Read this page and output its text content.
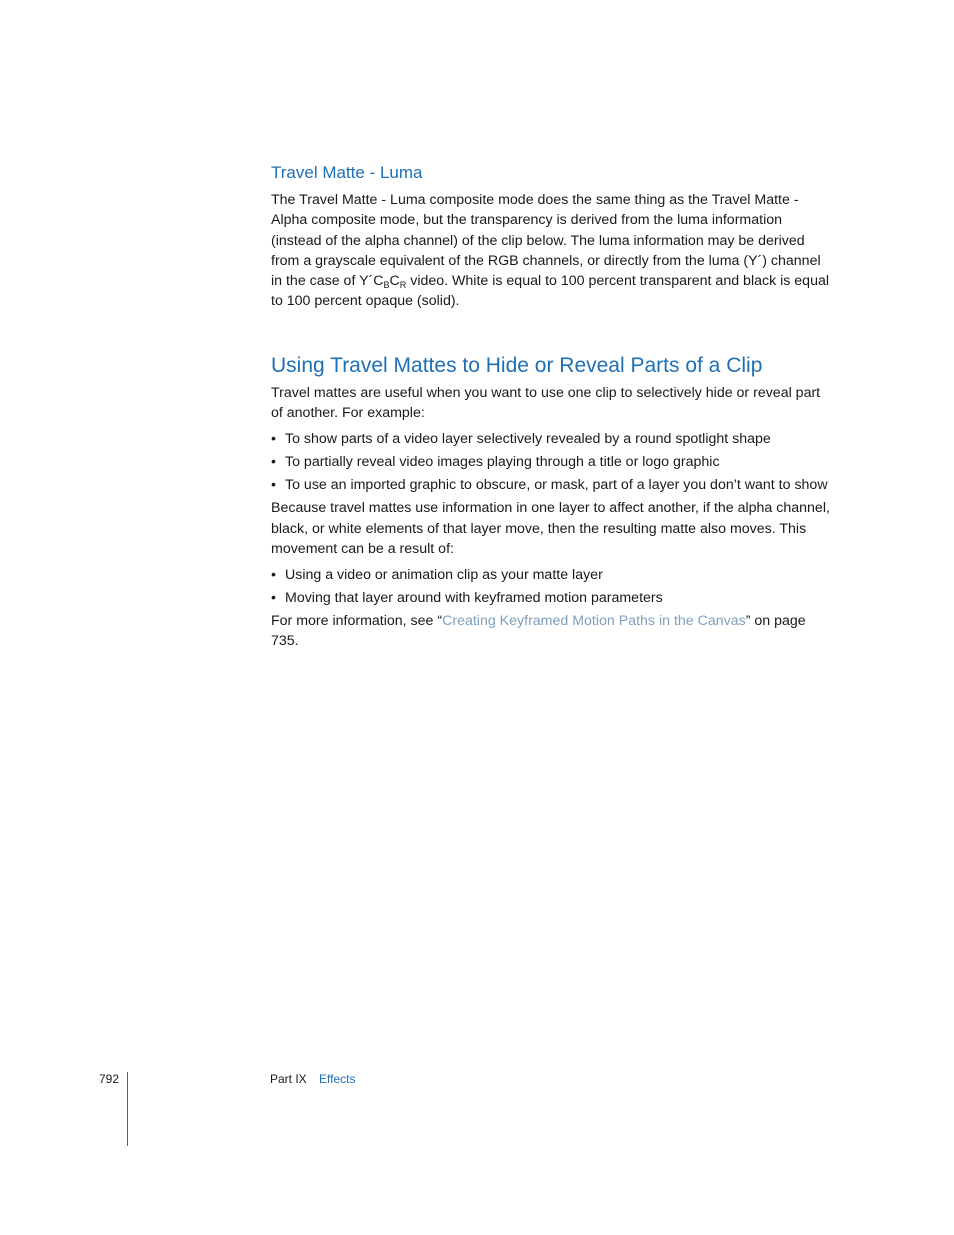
Travel Matte - Luma

The Travel Matte - Luma composite mode does the same thing as the Travel Matte - Alpha composite mode, but the transparency is derived from the luma information (instead of the alpha channel) of the clip below. The luma information may be derived from a grayscale equivalent of the RGB channels, or directly from the luma (Y´) channel in the case of $Y´C_BC_R$ video. White is equal to 100 percent transparent and black is equal to 100 percent opaque (solid).

Using Travel Mattes to Hide or Reveal Parts of a Clip

Travel mattes are useful when you want to use one clip to selectively hide or reveal part of another. For example:

• To show parts of a video layer selectively revealed by a round spotlight shape
• To partially reveal video images playing through a title or logo graphic
• To use an imported graphic to obscure, or mask, part of a layer you don’t want to show

Because travel mattes use information in one layer to affect another, if the alpha channel, black, or white elements of that layer move, then the resulting matte also moves. This movement can be a result of:

• Using a video or animation clip as your matte layer
• Moving that layer around with keyframed motion parameters

For more information, see “Creating Keyframed Motion Paths in the Canvas” on page 735.

792	Part IX Effects
